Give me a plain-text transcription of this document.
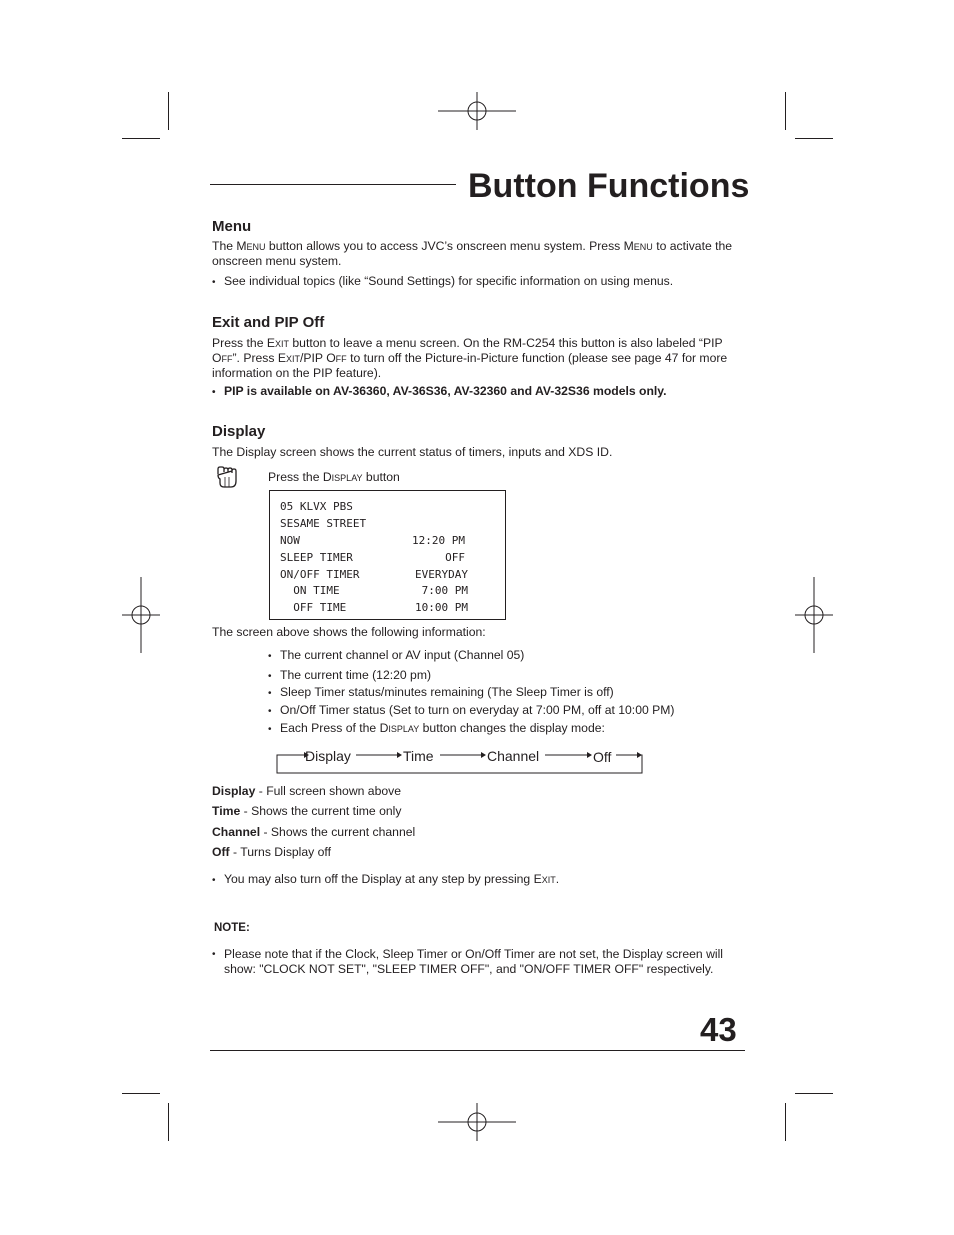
Button Functions
Menu

The Menu button allows you to access JVC’s onscreen menu system. Press Menu to activate the onscreen menu system.

• See individual topics (like “Sound Settings) for specific information on using menus.
Exit and PIP Off

Press the Exit button to leave a menu screen. On the RM-C254 this button is also labeled “PIP Off”. Press Exit/PIP Off to turn off the Picture-in-Picture function (please see page 47 for more information on the PIP feature).

• PIP is available on AV-36360, AV-36S36, AV-32360 and AV-32S36 models only.
Display

The Display screen shows the current status of timers, inputs and XDS ID.

Press the Display button
05 KLVX PBS
SESAME STREET
NOW	12:20 PM
SLEEP TIMER	OFF
ON/OFF TIMER	EVERYDAY
ON TIME	7:00 PM
OFF TIME	10:00 PM

The screen above shows the following information:

• The current channel or AV input (Channel 05)
• The current time (12:20 pm)
• Sleep Timer status/minutes remaining (The Sleep Timer is off)
• On/Off Timer status (Set to turn on everyday at 7:00 PM, off at 10:00 PM)
• Each Press of the Display button changes the display mode:
Display	Time	Channel	Off
Display - Full screen shown above
Time - Shows the current time only
Channel - Shows the current channel
Off - Turns Display off
• You may also turn off the Display at any step by pressing Exit.
NOTE:
• Please note that if the Clock, Sleep Timer or On/Off Timer are not set, the Display screen will show: "CLOCK NOT SET", "SLEEP TIMER OFF", and "ON/OFF TIMER OFF" respectively.
43
